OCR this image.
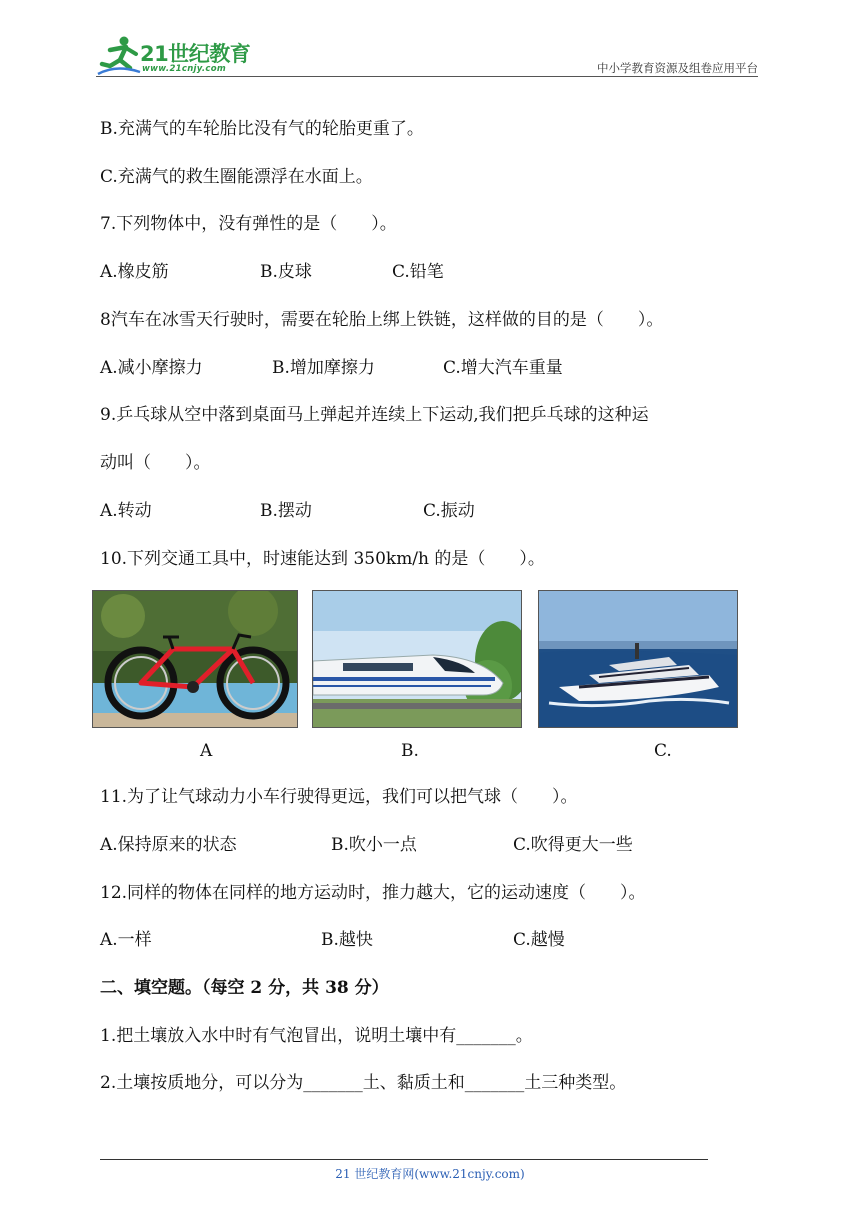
21世纪教育
www.21cnjy.com	中小学教育资源及组卷应用平台
B.充满气的车轮胎比没有气的轮胎更重了。
C.充满气的救生圈能漂浮在水面上。
7.下列物体中，没有弹性的是（　　）。
A.橡皮筋	B.皮球	C.铅笔
8汽车在冰雪天行驶时，需要在轮胎上绑上铁链，这样做的目的是（　　）。
A.减小摩擦力	B.增加摩擦力	C.增大汽车重量
9.乒乓球从空中落到桌面马上弹起并连续上下运动,我们把乒乓球的这种运
动叫（　　）。
A.转动	B.摆动	C.振动
10.下列交通工具中，时速能达到 350km/h 的是（　　）。
A	B.	C.
11.为了让气球动力小车行驶得更远，我们可以把气球（　　）。
A.保持原来的状态	B.吹小一点	C.吹得更大一些
12.同样的物体在同样的地方运动时，推力越大，它的运动速度（　　）。
A.一样	B.越快	C.越慢
二、填空题。（每空 2 分，共 38 分）
1.把土壤放入水中时有气泡冒出，说明土壤中有_______。
2.土壤按质地分，可以分为_______土、黏质土和_______土三种类型。
21 世纪教育网(www.21cnjy.com)
